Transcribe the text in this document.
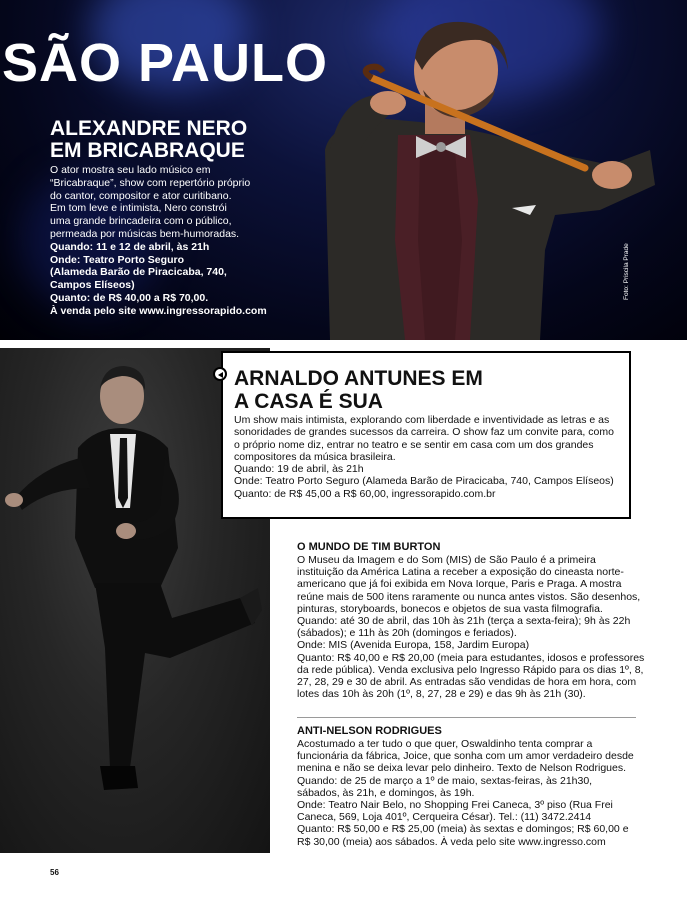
SÃO PAULO
ALEXANDRE NERO
EM BRICABRAQUE
O ator mostra seu lado músico em
“Bricabraque”, show com repertório próprio
do cantor, compositor e ator curitibano.
Em tom leve e intimista, Nero constrói
uma grande brincadeira com o público,
permeada por músicas bem-humoradas.
Quando: 11 e 12 de abril, às 21h
Onde: Teatro Porto Seguro
(Alameda Barão de Piracicaba, 740,
Campos Elíseos)
Quanto: de R$ 40,00 a R$ 70,00.
À venda pelo site www.ingressorapido.com
Foto: Priscila Prade
ARNALDO ANTUNES EM
A CASA É SUA
Um show mais intimista, explorando com liberdade e inventividade as letras e as
sonoridades de grandes sucessos da carreira. O show faz um convite para, como
o próprio nome diz, entrar no teatro e se sentir em casa com um dos grandes
compositores da música brasileira.
Quando: 19 de abril, às 21h
Onde: Teatro Porto Seguro (Alameda Barão de Piracicaba, 740, Campos Elíseos)
Quanto: de R$ 45,00 a R$ 60,00, ingressorapido.com.br
O MUNDO DE TIM BURTON
O Museu da Imagem e do Som (MIS) de São Paulo é a primeira
instituição da América Latina a receber a exposição do cineasta norte-
americano que já foi exibida em Nova Iorque, Paris e Praga. A mostra
reúne mais de 500 itens raramente ou nunca antes vistos. São desenhos,
pinturas, storyboards, bonecos e objetos de sua vasta filmografia.
Quando: até 30 de abril, das 10h às 21h (terça a sexta-feira); 9h às 22h
(sábados); e 11h às 20h (domingos e feriados).
Onde: MIS (Avenida Europa, 158, Jardim Europa)
Quanto: R$ 40,00 e R$ 20,00 (meia para estudantes, idosos e professores
da rede pública). Venda exclusiva pelo Ingresso Rápido para os dias 1º, 8,
27, 28, 29 e 30 de abril. As entradas são vendidas de hora em hora, com
lotes das 10h às 20h (1º, 8, 27, 28 e 29) e das 9h às 21h (30).
ANTI-NELSON RODRIGUES
Acostumado a ter tudo o que quer, Oswaldinho tenta comprar a
funcionária da fábrica, Joice, que sonha com um amor verdadeiro desde
menina e não se deixa levar pelo dinheiro. Texto de Nelson Rodrigues.
Quando: de 25 de março a 1º de maio, sextas-feiras, às 21h30,
sábados, às 21h, e domingos, às 19h.
Onde: Teatro Nair Belo, no Shopping Frei Caneca, 3º piso (Rua Frei
Caneca, 569, Loja 401º, Cerqueira César). Tel.: (11) 3472.2414
Quanto: R$ 50,00 e R$ 25,00 (meia) às sextas e domingos; R$ 60,00 e
R$ 30,00 (meia) aos sábados. À veda pelo site www.ingresso.com
56
